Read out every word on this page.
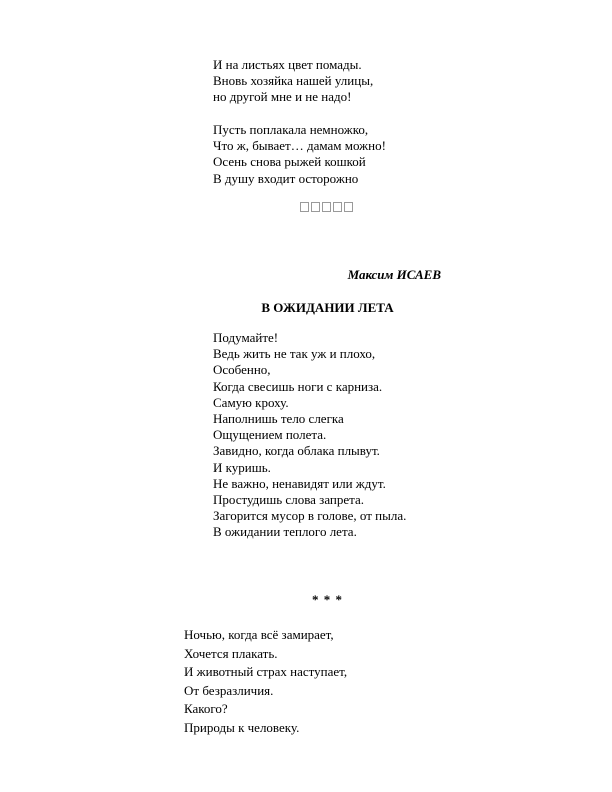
И на листьях цвет помады.
Вновь хозяйка нашей улицы,
но другой мне и не надо!
Пусть поплакала немножко,
Что ж, бывает… дамам можно!
Осень снова рыжей кошкой
В душу входит осторожно
Максим ИСАЕВ
В ОЖИДАНИИ ЛЕТА
Подумайте!
Ведь жить не так уж и плохо,
Особенно,
Когда свесишь ноги с карниза.
Самую кроху.
Наполнишь тело слегка
Ощущением полета.
Завидно, когда облака плывут.
И куришь.
Не важно, ненавидят или ждут.
Простудишь слова запрета.
Загорится мусор в голове, от пыла.
В ожидании теплого лета.
* * *
Ночью, когда всё замирает,
Хочется плакать.
И животный страх наступает,
От безразличия.
Какого?
Природы к человеку.
